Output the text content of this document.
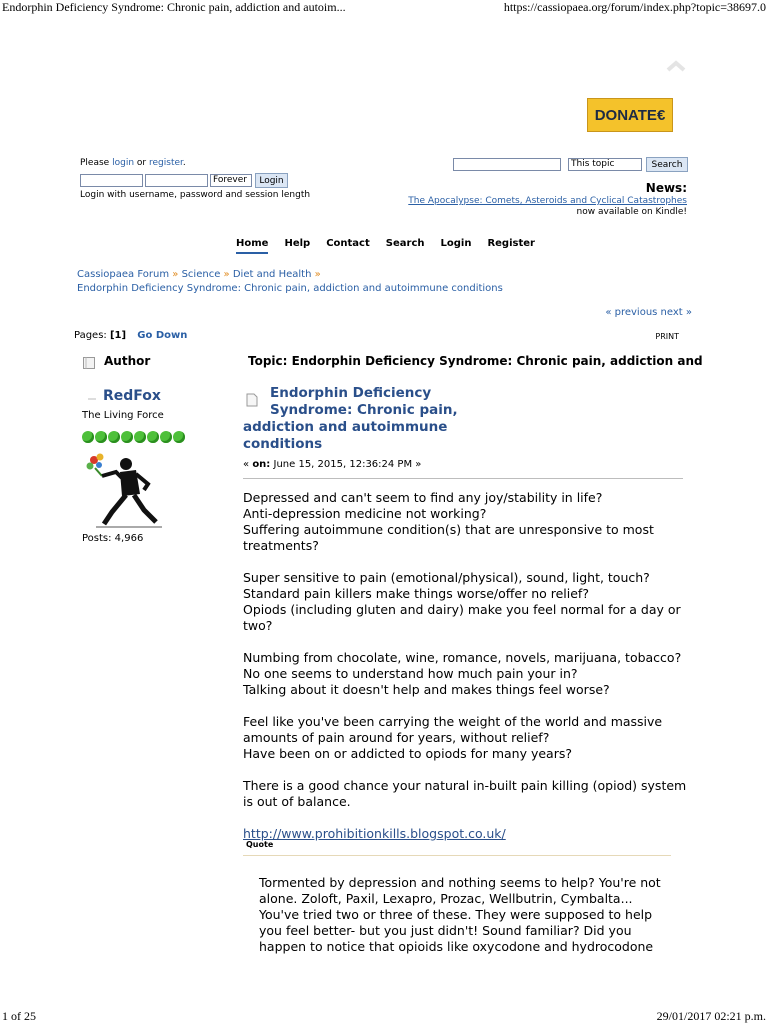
Endorphin Deficiency Syndrome: Chronic pain, addiction and autoim...	https://cassiopaea.org/forum/index.php?topic=38697.0
DONATE€
Please login or register.
Forever	Login
Login with username, password and session length
This topic	Search
News:
The Apocalypse: Comets, Asteroids and Cyclical Catastrophes
now available on Kindle!
Home Help Contact Search Login Register
Cassiopaea Forum » Science » Diet and Health »
Endorphin Deficiency Syndrome: Chronic pain, addiction and autoimmune conditions
« previous next »
Pages: [1] Go Down	PRINT
Author	Topic: Endorphin Deficiency Syndrome: Chronic pain, addiction and
RedFox
The Living Force
Posts: 4,966
Endorphin Deficiency
Syndrome: Chronic pain,
addiction and autoimmune
conditions
« on: June 15, 2015, 12:36:24 PM »

Depressed and can't seem to find any joy/stability in life?
Anti-depression medicine not working?
Suffering autoimmune condition(s) that are unresponsive to most treatments?

Super sensitive to pain (emotional/physical), sound, light, touch?
Standard pain killers make things worse/offer no relief?
Opiods (including gluten and dairy) make you feel normal for a day or two?

Numbing from chocolate, wine, romance, novels, marijuana, tobacco?
No one seems to understand how much pain your in?
Talking about it doesn't help and makes things feel worse?

Feel like you've been carrying the weight of the world and massive amounts of pain around for years, without relief?
Have been on or addicted to opiods for many years?

There is a good chance your natural in-built pain killing (opiod) system is out of balance.

http://www.prohibitionkills.blogspot.co.uk/

Quote
Tormented by depression and nothing seems to help? You're not alone. Zoloft, Paxil, Lexapro, Prozac, Wellbutrin, Cymbalta... You've tried two or three of these. They were supposed to help you feel better- but you just didn't! Sound familiar? Did you happen to notice that opioids like oxycodone and hydrocodone
1 of 25	29/01/2017 02:21 p.m.
